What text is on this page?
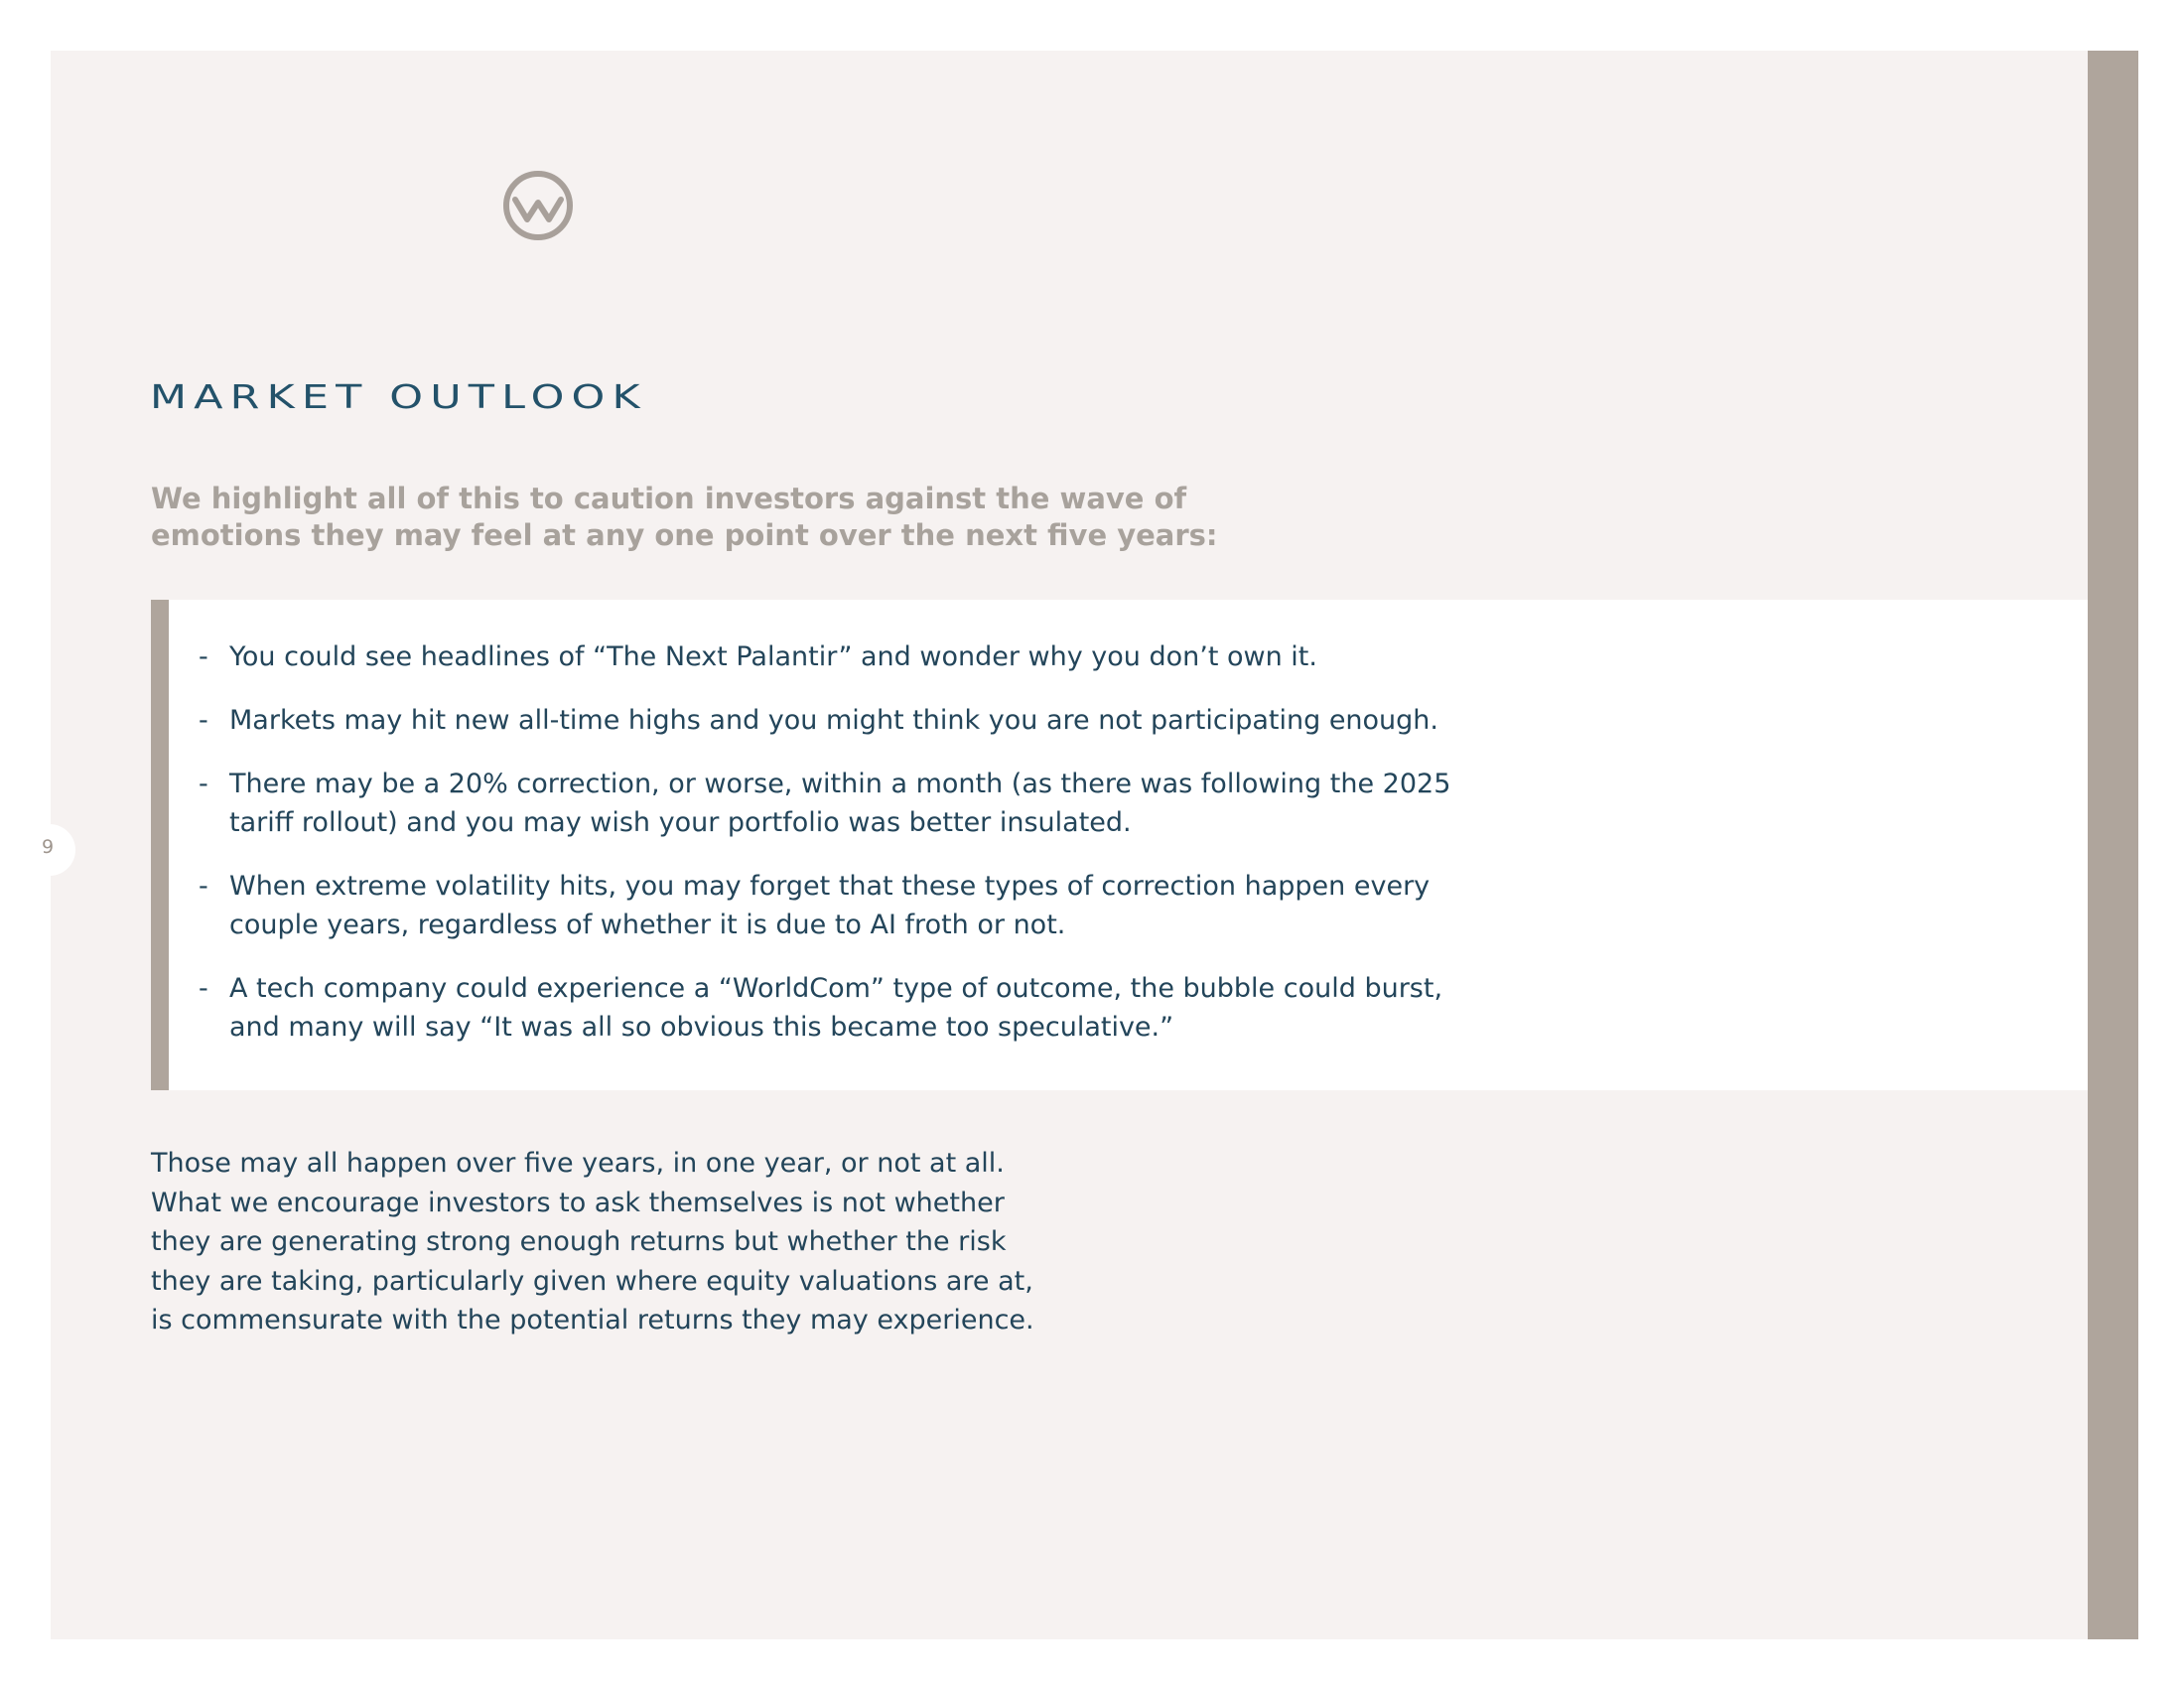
9
MARKET OUTLOOK

We highlight all of this to caution investors against the wave of emotions they may feel at any one point over the next five years:

- You could see headlines of “The Next Palantir” and wonder why you don’t own it.
- Markets may hit new all-time highs and you might think you are not participating enough.
- There may be a 20% correction, or worse, within a month (as there was following the 2025
tariff rollout) and you may wish your portfolio was better insulated.
- When extreme volatility hits, you may forget that these types of correction happen every
couple years, regardless of whether it is due to AI froth or not.
- A tech company could experience a “WorldCom” type of outcome, the bubble could burst,
and many will say “It was all so obvious this became too speculative.”

Those may all happen over five years, in one year, or not at all.
What we encourage investors to ask themselves is not whether
they are generating strong enough returns but whether the risk
they are taking, particularly given where equity valuations are at,
is commensurate with the potential returns they may experience.
